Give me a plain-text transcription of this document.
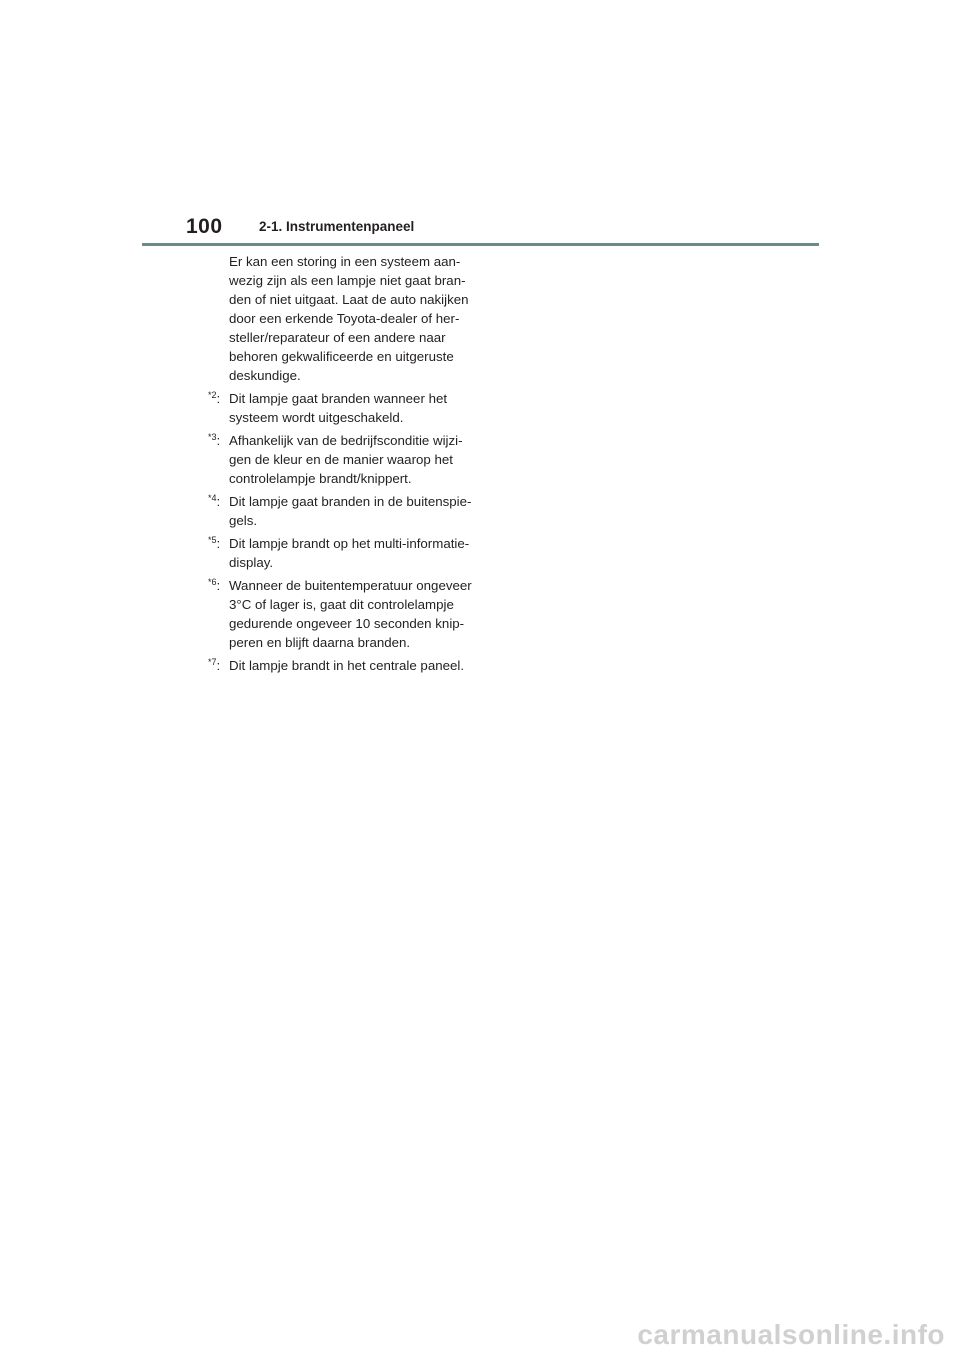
100	2-1. Instrumentenpaneel
Er kan een storing in een systeem aan-
wezig zijn als een lampje niet gaat bran-
den of niet uitgaat. Laat de auto nakijken
door een erkende Toyota-dealer of her-
steller/reparateur of een andere naar
behoren gekwalificeerde en uitgeruste
deskundige.
$^{*2}$: Dit lampje gaat branden wanneer het
systeem wordt uitgeschakeld.
$^{*3}$: Afhankelijk van de bedrijfsconditie wijzi-
gen de kleur en de manier waarop het
controlelampje brandt/knippert.
$^{*4}$: Dit lampje gaat branden in de buitenspie-
gels.
$^{*5}$: Dit lampje brandt op het multi-informatie-
display.
$^{*6}$: Wanneer de buitentemperatuur ongeveer
3°C of lager is, gaat dit controlelampje
gedurende ongeveer 10 seconden knip-
peren en blijft daarna branden.
$^{*7}$: Dit lampje brandt in het centrale paneel.
carmanualsonline.info
